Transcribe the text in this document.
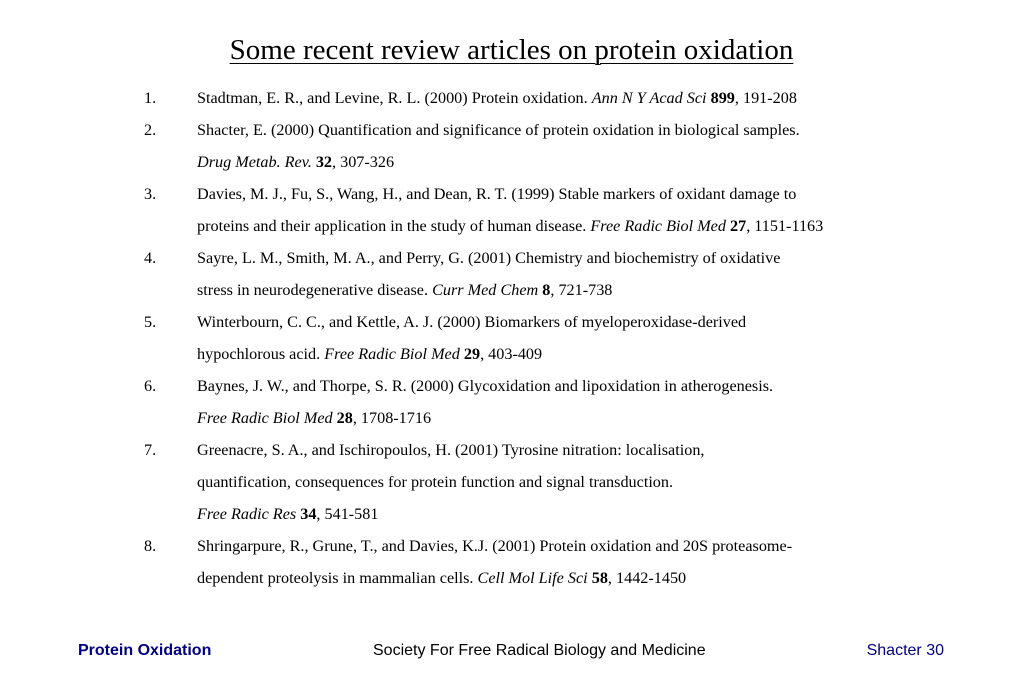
Some recent review articles on protein oxidation
1.	Stadtman, E. R., and Levine, R. L. (2000) Protein oxidation. Ann N Y Acad Sci 899, 191-208
2.	Shacter, E. (2000) Quantification and significance of protein oxidation in biological samples.
Drug Metab. Rev. 32, 307-326
3.	Davies, M. J., Fu, S., Wang, H., and Dean, R. T. (1999) Stable markers of oxidant damage to
proteins and their application in the study of human disease. Free Radic Biol Med 27, 1151-1163
4.	Sayre, L. M., Smith, M. A., and Perry, G. (2001) Chemistry and biochemistry of oxidative
stress in neurodegenerative disease. Curr Med Chem 8, 721-738
5.	Winterbourn, C. C., and Kettle, A. J. (2000) Biomarkers of myeloperoxidase-derived
hypochlorous acid. Free Radic Biol Med 29, 403-409
6.	Baynes, J. W., and Thorpe, S. R. (2000) Glycoxidation and lipoxidation in atherogenesis.
Free Radic Biol Med 28, 1708-1716
7.	Greenacre, S. A., and Ischiropoulos, H. (2001) Tyrosine nitration: localisation,
quantification, consequences for protein function and signal transduction.
Free Radic Res 34, 541-581
8.	Shringarpure, R., Grune, T., and Davies, K.J. (2001) Protein oxidation and 20S proteasome-
dependent proteolysis in mammalian cells. Cell Mol Life Sci 58, 1442-1450
Protein Oxidation	Society For Free Radical Biology and Medicine	Shacter 30
